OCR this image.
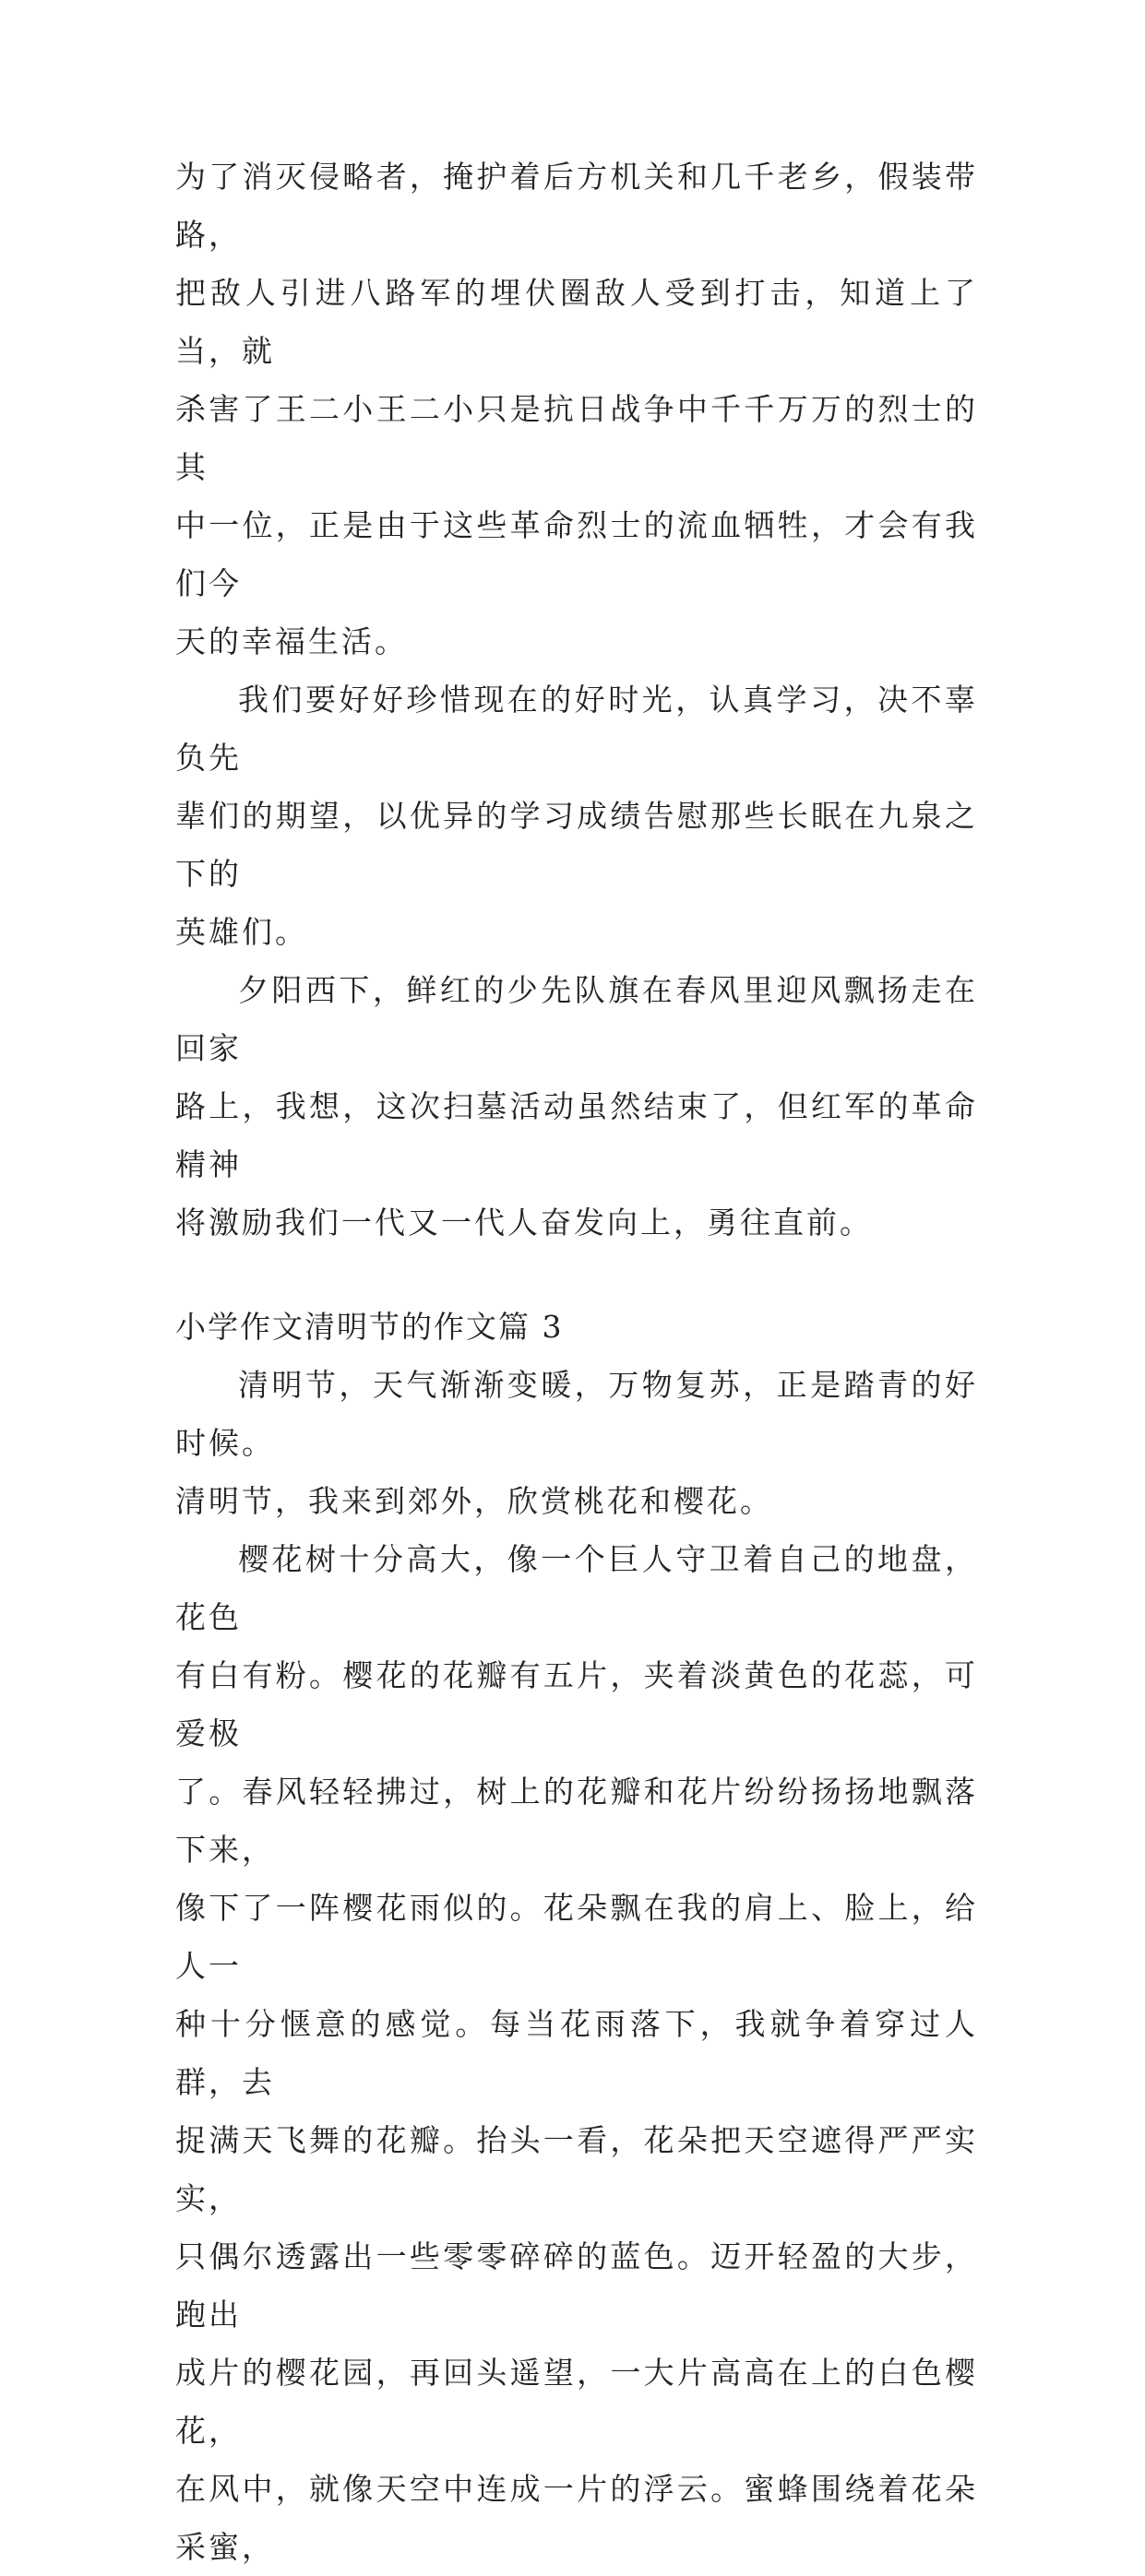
为了消灭侵略者，掩护着后方机关和几千老乡，假装带路，
把敌人引进八路军的埋伏圈敌人受到打击，知道上了当，就
杀害了王二小王二小只是抗日战争中千千万万的烈士的其
中一位，正是由于这些革命烈士的流血牺牲，才会有我们今
天的幸福生活。

我们要好好珍惜现在的好时光，认真学习，决不辜负先
辈们的期望，以优异的学习成绩告慰那些长眠在九泉之下的
英雄们。

夕阳西下，鲜红的少先队旗在春风里迎风飘扬走在回家
路上，我想，这次扫墓活动虽然结束了，但红军的革命精神
将激励我们一代又一代人奋发向上，勇往直前。

小学作文清明节的作文篇 3

清明节，天气渐渐变暖，万物复苏，正是踏青的好时候。
清明节，我来到郊外，欣赏桃花和樱花。

樱花树十分高大，像一个巨人守卫着自己的地盘，花色
有白有粉。樱花的花瓣有五片，夹着淡黄色的花蕊，可爱极
了。春风轻轻拂过，树上的花瓣和花片纷纷扬扬地飘落下来，
像下了一阵樱花雨似的。花朵飘在我的肩上、脸上，给人一
种十分惬意的感觉。每当花雨落下，我就争着穿过人群，去
捉满天飞舞的花瓣。抬头一看，花朵把天空遮得严严实实，
只偶尔透露出一些零零碎碎的蓝色。迈开轻盈的大步，跑出
成片的樱花园，再回头遥望，一大片高高在上的白色樱花，
在风中，就像天空中连成一片的浮云。蜜蜂围绕着花朵采蜜，
